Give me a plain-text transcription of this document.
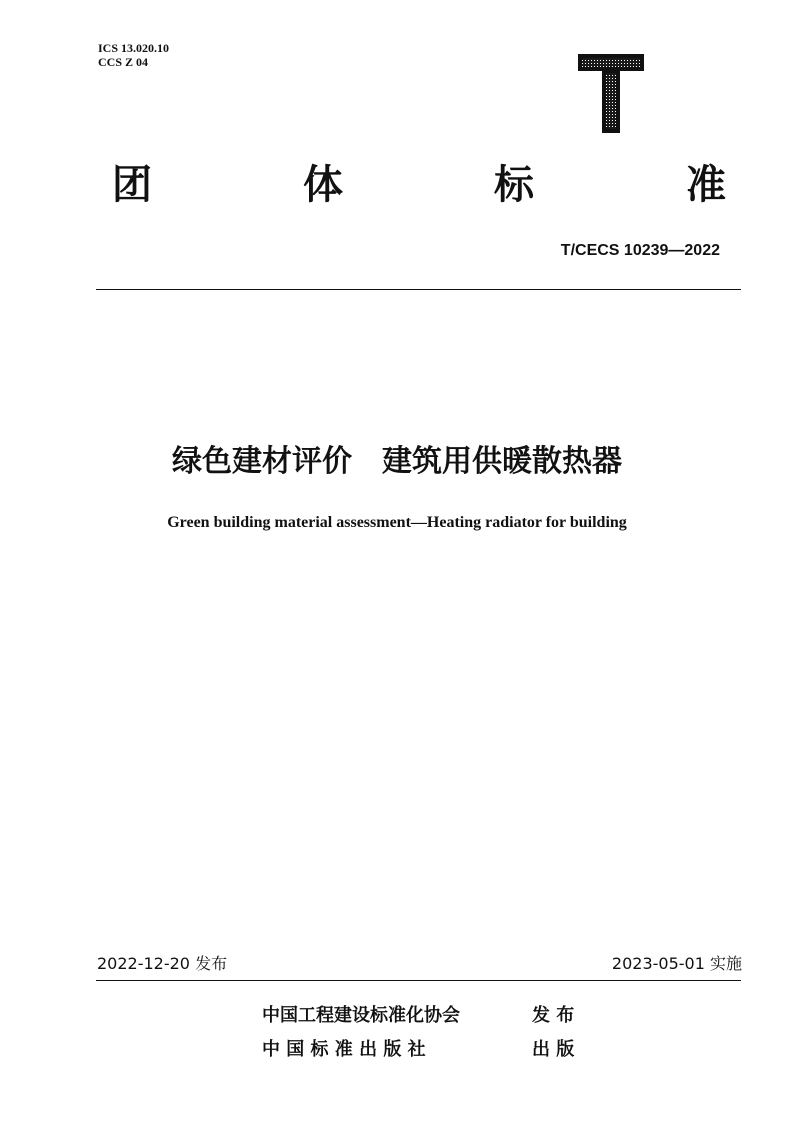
ICS 13.020.10
CCS Z 04
团	体	标	准
T/CECS 10239—2022
绿色建材评价　建筑用供暖散热器
Green building material assessment—Heating radiator for building
2022-12-20 发布	2023-05-01 实施
中国工程建设标准化协会	发 布
中 国 标 准 出 版 社	出 版
